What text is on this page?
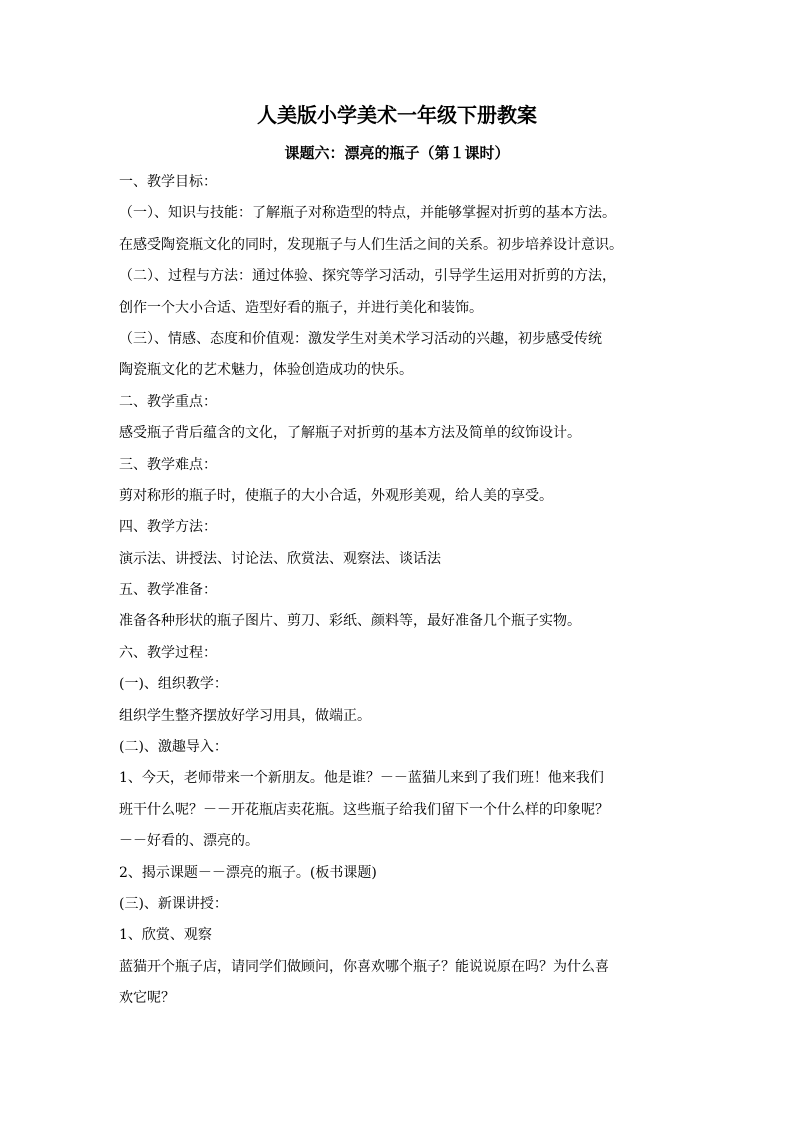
人美版小学美术一年级下册教案
课题六：漂亮的瓶子（第１课时）
一、教学目标：
（一）、知识与技能：了解瓶子对称造型的特点，并能够掌握对折剪的基本方法。
在感受陶瓷瓶文化的同时，发现瓶子与人们生活之间的关系。初步培养设计意识。
（二）、过程与方法：通过体验、探究等学习活动，引导学生运用对折剪的方法，
创作一个大小合适、造型好看的瓶子，并进行美化和装饰。
（三）、情感、态度和价值观：激发学生对美术学习活动的兴趣，初步感受传统
陶瓷瓶文化的艺术魅力，体验创造成功的快乐。
二、教学重点：
感受瓶子背后蕴含的文化，了解瓶子对折剪的基本方法及简单的纹饰设计。
三、教学难点：
剪对称形的瓶子时，使瓶子的大小合适，外观形美观，给人美的享受。
四、教学方法：
演示法、讲授法、讨论法、欣赏法、观察法、谈话法
五、教学准备：
准备各种形状的瓶子图片、剪刀、彩纸、颜料等，最好准备几个瓶子实物。
六、教学过程：
(一)、组织教学：
组织学生整齐摆放好学习用具，做端正。
(二)、激趣导入：
1、今天，老师带来一个新朋友。他是谁？－－蓝猫儿来到了我们班！他来我们
班干什么呢？－－开花瓶店卖花瓶。这些瓶子给我们留下一个什么样的印象呢？
－－好看的、漂亮的。
2、揭示课题－－漂亮的瓶子。(板书课题)
(三)、新课讲授：
1、欣赏、观察
蓝猫开个瓶子店，请同学们做顾问，你喜欢哪个瓶子？能说说原在吗？为什么喜
欢它呢？
